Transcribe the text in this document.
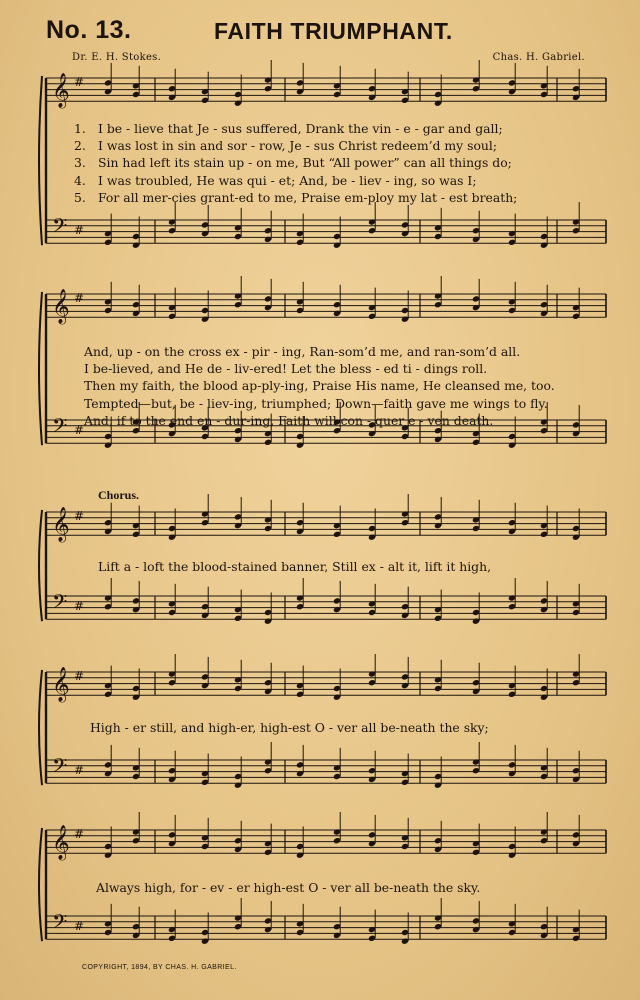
𝄞
𝄢
#
#
𝄞
𝄢
#
#
𝄞
𝄢
#
#
𝄞
𝄢
#
#
𝄞
𝄢
#
#
No. 13.	FAITH TRIUMPHANT.
Dr. E. H. Stokes.	Chas. H. Gabriel.
1. I be - lieve that Je - sus suffered, Drank the vin - e - gar and gall;
2. I was lost in sin and sor - row, Je - sus Christ redeem’d my soul;
3. Sin had left its stain up - on me, But “All power” can all things do;
4. I was troubled, He was qui - et; And, be - liev - ing, so was I;
5. For all mer-cies grant-ed to me, Praise em-ploy my lat - est breath;
And, up - on the cross ex - pir - ing, Ran-som’d me, and ran-som’d all.
I be-lieved, and He de - liv-ered! Let the bless - ed ti - dings roll.
Then my faith, the blood ap-ply-ing, Praise His name, He cleansed me, too.
Tempted—but, be - liev-ing, triumphed; Down—faith gave me wings to fly.
And, if to the end en - dur-ing, Faith will con - quer e - ven death.
Chorus.
Lift a - loft the blood-stained banner, Still ex - alt it, lift it high,
High - er still, and high-er, high-est O - ver all be-neath the sky;
Always high, for - ev - er high-est O - ver all be-neath the sky.
COPYRIGHT, 1894, BY CHAS. H. GABRIEL.
